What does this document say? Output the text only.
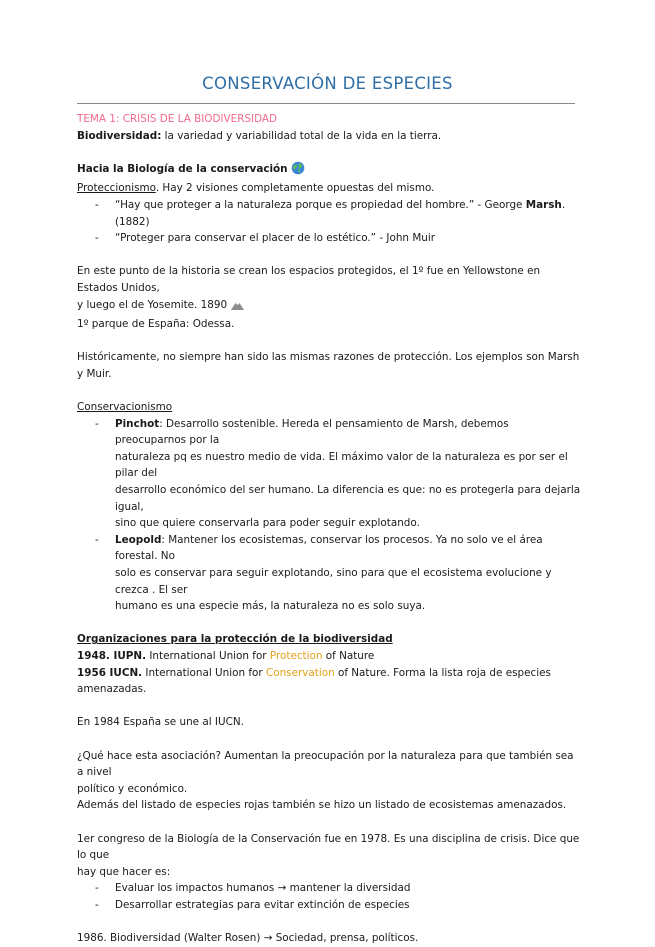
CONSERVACIÓN DE ESPECIES

TEMA 1: CRISIS DE LA BIODIVERSIDAD

Biodiversidad: la variedad y variabilidad total de la vida en la tierra.

Hacia la Biología de la conservación

Proteccionismo. Hay 2 visiones completamente opuestas del mismo.

- “Hay que proteger a la naturaleza porque es propiedad del hombre.” - George Marsh. (1882)

- “Proteger para conservar el placer de lo estético.” - John Muir

En este punto de la historia se crean los espacios protegidos, el 1º fue en Yellowstone en Estados Unidos,

y luego el de Yosemite. 1890

1º parque de España: Odessa.

Históricamente, no siempre han sido las mismas razones de protección. Los ejemplos son Marsh y Muir.

Conservacionismo

- Pinchot: Desarrollo sostenible. Hereda el pensamiento de Marsh, debemos preocuparnos por la

naturaleza pq es nuestro medio de vida. El máximo valor de la naturaleza es por ser el pilar del

desarrollo económico del ser humano. La diferencia es que: no es protegerla para dejarla igual,

sino que quiere conservarla para poder seguir explotando.

- Leopold: Mantener los ecosistemas, conservar los procesos. Ya no solo ve el área forestal. No

solo es conservar para seguir explotando, sino para que el ecosistema evolucione y crezca . El ser

humano es una especie más, la naturaleza no es solo suya.

Organizaciones para la protección de la biodiversidad

1948. IUPN. International Union for Protection of Nature

1956 IUCN. International Union for Conservation of Nature. Forma la lista roja de especies amenazadas.

En 1984 España se une al IUCN.

¿Qué hace esta asociación? Aumentan la preocupación por la naturaleza para que también sea a nivel

político y económico.

Además del listado de especies rojas también se hizo un listado de ecosistemas amenazados.

1er congreso de la Biología de la Conservación fue en 1978. Es una disciplina de crisis. Dice que lo que

hay que hacer es:

- Evaluar los impactos humanos → mantener la diversidad

- Desarrollar estrategias para evitar extinción de especies

1986. Biodiversidad (Walter Rosen) → Sociedad, prensa, políticos.
